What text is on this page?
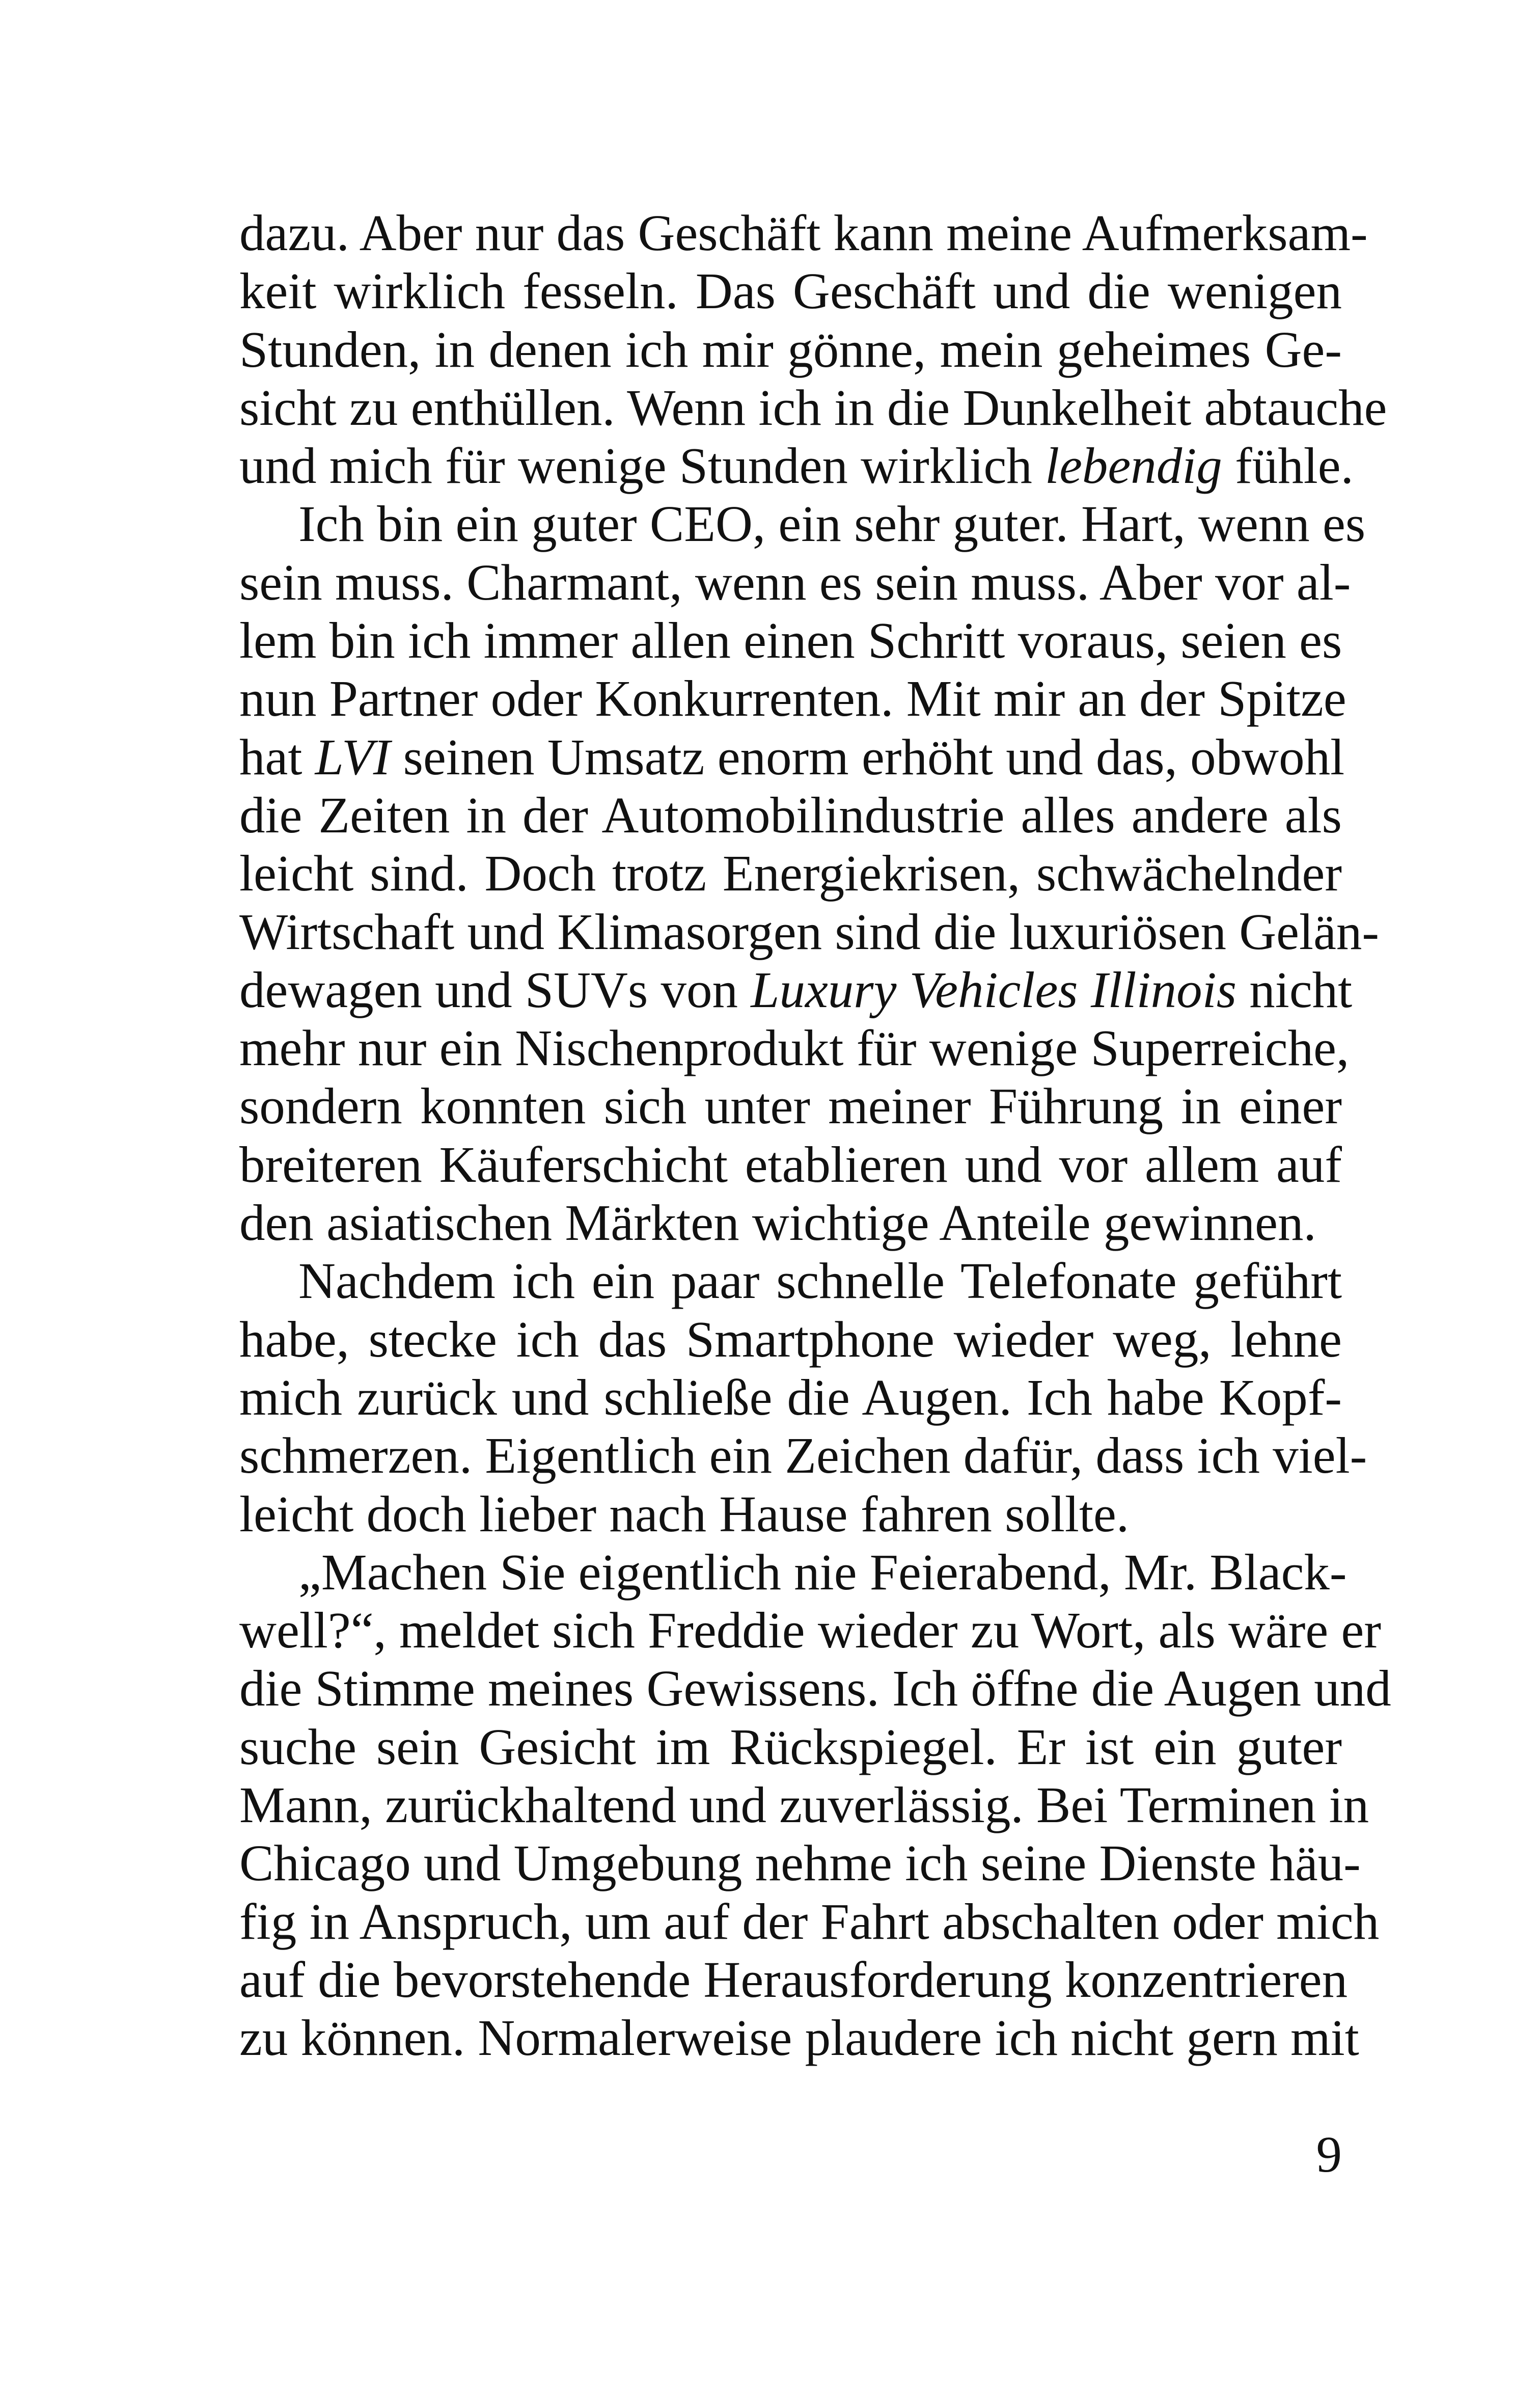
dazu. Aber nur das Geschäft kann meine Aufmerksam-
keit wirklich fesseln. Das Geschäft und die wenigen
Stunden, in denen ich mir gönne, mein geheimes Ge-
sicht zu enthüllen. Wenn ich in die Dunkelheit abtauche
und mich für wenige Stunden wirklich lebendig fühle.
Ich bin ein guter CEO, ein sehr guter. Hart, wenn es
sein muss. Charmant, wenn es sein muss. Aber vor al-
lem bin ich immer allen einen Schritt voraus, seien es
nun Partner oder Konkurrenten. Mit mir an der Spitze
hat LVI seinen Umsatz enorm erhöht und das, obwohl
die Zeiten in der Automobilindustrie alles andere als
leicht sind. Doch trotz Energiekrisen, schwächelnder
Wirtschaft und Klimasorgen sind die luxuriösen Gelän-
dewagen und SUVs von Luxury Vehicles Illinois nicht
mehr nur ein Nischenprodukt für wenige Superreiche,
sondern konnten sich unter meiner Führung in einer
breiteren Käuferschicht etablieren und vor allem auf
den asiatischen Märkten wichtige Anteile gewinnen.
Nachdem ich ein paar schnelle Telefonate geführt
habe, stecke ich das Smartphone wieder weg, lehne
mich zurück und schließe die Augen. Ich habe Kopf-
schmerzen. Eigentlich ein Zeichen dafür, dass ich viel-
leicht doch lieber nach Hause fahren sollte.
„Machen Sie eigentlich nie Feierabend, Mr. Black-
well?“, meldet sich Freddie wieder zu Wort, als wäre er
die Stimme meines Gewissens. Ich öffne die Augen und
suche sein Gesicht im Rückspiegel. Er ist ein guter
Mann, zurückhaltend und zuverlässig. Bei Terminen in
Chicago und Umgebung nehme ich seine Dienste häu-
fig in Anspruch, um auf der Fahrt abschalten oder mich
auf die bevorstehende Herausforderung konzentrieren
zu können. Normalerweise plaudere ich nicht gern mit
9
